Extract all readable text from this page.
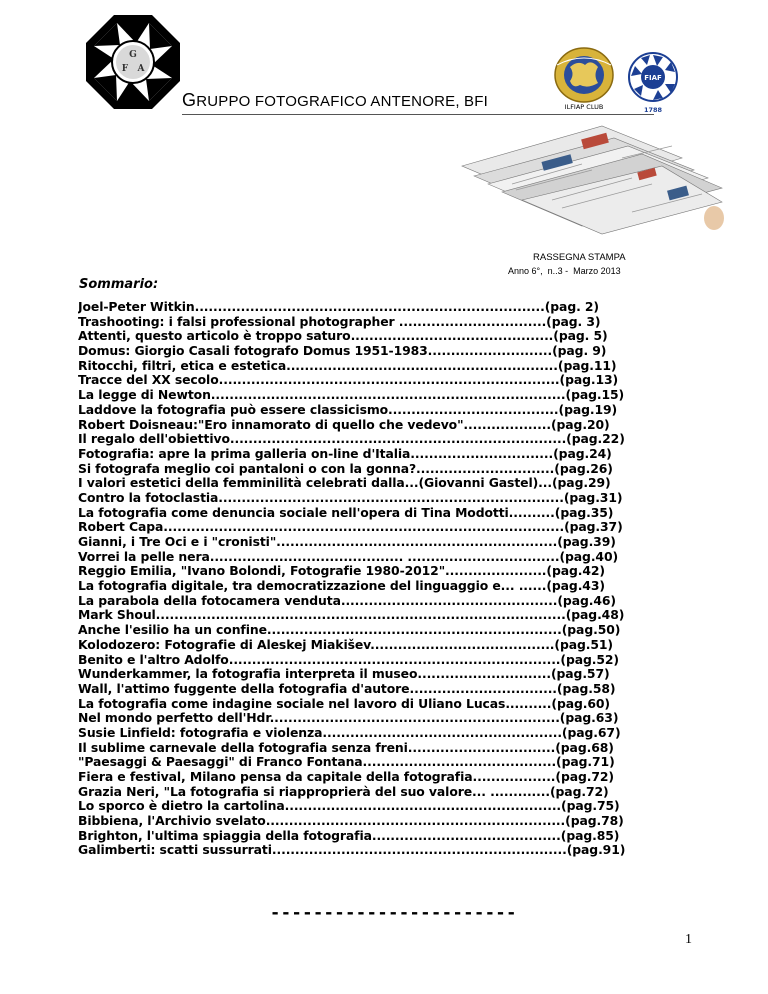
G
F A
GRUPPO FOTOGRAFICO ANTENORE, BFI	ILFIAP CLUB
FIAF
1788
RASSEGNA STAMPA
Anno 6°,  n..3 -  Marzo 2013
Sommario:
Joel-Peter Witkin............................................................................(pag. 2)
Trashooting: i falsi professional photographer ................................(pag. 3)
Attenti, questo articolo è troppo saturo............................................(pag. 5)
Domus: Giorgio Casali fotografo Domus 1951-1983...........................(pag. 9)
Ritocchi, filtri, etica e estetica...........................................................(pag.11)
Tracce del XX secolo..........................................................................(pag.13)
La legge di Newton.............................................................................(pag.15)
Laddove la fotografia può essere classicismo.....................................(pag.19)
Robert Doisneau:"Ero innamorato di quello che vedevo"...................(pag.20)
Il regalo dell'obiettivo.........................................................................(pag.22)
Fotografia: apre la prima galleria on-line d'Italia...............................(pag.24)
Si fotografa meglio coi pantaloni o con la gonna?..............................(pag.26)
I valori estetici della femminilità celebrati dalla...(Giovanni Gastel)...(pag.29)
Contro la fotoclastia...........................................................................(pag.31)
La fotografia come denuncia sociale nell'opera di Tina Modotti..........(pag.35)
Robert Capa.......................................................................................(pag.37)
Gianni, i Tre Oci e i "cronisti".............................................................(pag.39)
Vorrei la pelle nera.......................................... .................................(pag.40)
Reggio Emilia, "Ivano Bolondi, Fotografie 1980-2012"......................(pag.42)
La fotografia digitale, tra democratizzazione del linguaggio e... ......(pag.43)
La parabola della fotocamera venduta...............................................(pag.46)
Mark Shoul.........................................................................................(pag.48)
Anche l'esilio ha un confine................................................................(pag.50)
Kolodozero: Fotografie di Aleskej Miakišev........................................(pag.51)
Benito e l'altro Adolfo........................................................................(pag.52)
Wunderkammer, la fotografia interpreta il museo.............................(pag.57)
Wall, l'attimo fuggente della fotografia d'autore................................(pag.58)
La fotografia come indagine sociale nel lavoro di Uliano Lucas..........(pag.60)
Nel mondo perfetto dell'Hdr...............................................................(pag.63)
Susie Linfield: fotografia e violenza....................................................(pag.67)
Il sublime carnevale della fotografia senza freni................................(pag.68)
"Paesaggi & Paesaggi" di Franco Fontana..........................................(pag.71)
Fiera e festival, Milano pensa da capitale della fotografia..................(pag.72)
Grazia Neri, "La fotografia si riapproprierà del suo valore... .............(pag.72)
Lo sporco è dietro la cartolina............................................................(pag.75)
Bibbiena, l'Archivio svelato.................................................................(pag.78)
Brighton, l'ultima spiaggia della fotografia.........................................(pag.85)
Galimberti: scatti sussurrati................................................................(pag.91)
-----------------------
1
